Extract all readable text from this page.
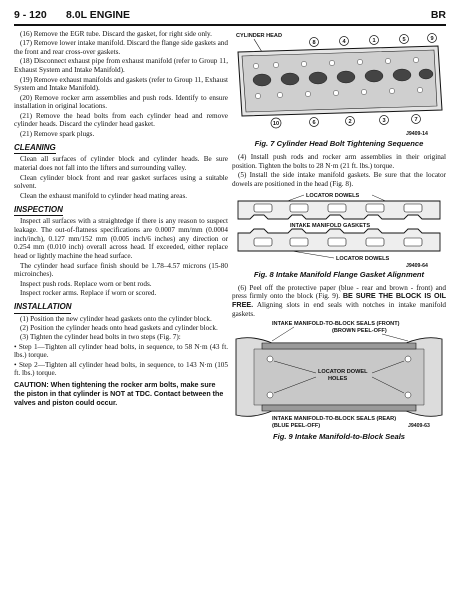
9 - 120 8.0L ENGINE	BR

(16) Remove the EGR tube. Discard the gasket, for right side only.

(17) Remove lower intake manifold. Discard the flange side gaskets and the front and rear cross-over gaskets.

(18) Disconnect exhaust pipe from exhaust manifold (refer to Group 11, Exhaust System and Intake Manifold).

(19) Remove exhaust manifolds and gaskets (refer to Group 11, Exhaust System and Intake Manifold).

(20) Remove rocker arm assemblies and push rods. Identify to ensure installation in original locations.

(21) Remove the head bolts from each cylinder head and remove cylinder heads. Discard the cylinder head gasket.

(21) Remove spark plugs.

CLEANING

Clean all surfaces of cylinder block and cylinder heads. Be sure material does not fall into the lifters and surrounding valley.

Clean cylinder block front and rear gasket surfaces using a suitable solvent.

Clean the exhaust manifold to cylinder head mating areas.

INSPECTION

Inspect all surfaces with a straightedge if there is any reason to suspect leakage. The out-of-flatness specifications are 0.0007 mm/mm (0.0004 inch/inch), 0.127 mm/152 mm (0.005 inch/6 inches) any direction or 0.254 mm (0.010 inch) overall across head. If exceeded, either replace head or lightly machine the head surface.

The cylinder head surface finish should be 1.78–4.57 microns (15-80 microinches).

Inspect push rods. Replace worn or bent rods.

Inspect rocker arms. Replace if worn or scored.

INSTALLATION

(1) Position the new cylinder head gaskets onto the cylinder block.

(2) Position the cylinder heads onto head gaskets and cylinder block.

(3) Tighten the cylinder head bolts in two steps (Fig. 7):

• Step 1—Tighten all cylinder head bolts, in sequence, to 58 N·m (43 ft. lbs.) torque.

• Step 2—Tighten all cylinder head bolts, in sequence, to 143 N·m (105 ft. lbs.) torque.

CAUTION: When tightening the rocker arm bolts, make sure the piston in that cylinder is NOT at TDC. Contact between the valves and piston could occur.
CYLINDER HEAD
8	4	1	5	9
10	6	2	3	7
J9409-14
Fig. 7 Cylinder Head Bolt Tightening Sequence

(4) Install push rods and rocker arm assemblies in their original position. Tighten the bolts to 28 N·m (21 ft. lbs.) torque.

(5) Install the side intake manifold gaskets. Be sure that the locator dowels are positioned in the head (Fig. 8).

LOCATOR DOWELS
INTAKE MANIFOLD GASKETS
LOCATOR DOWELS
J9409-64
Fig. 8 Intake Manifold Flange Gasket Alignment

(6) Peel off the protective paper (blue - rear and brown - front) and press firmly onto the block (Fig. 9). BE SURE THE BLOCK IS OIL FREE. Aligning slots in end seals with notches in intake manifold gaskets.

INTAKE MANIFOLD-TO-BLOCK SEALS (FRONT)
(BROWN PEEL-OFF)
LOCATOR DOWEL
HOLES
INTAKE MANIFOLD-TO-BLOCK SEALS (REAR)
(BLUE PEEL-OFF)	J9409-63
Fig. 9 Intake Manifold-to-Block Seals
